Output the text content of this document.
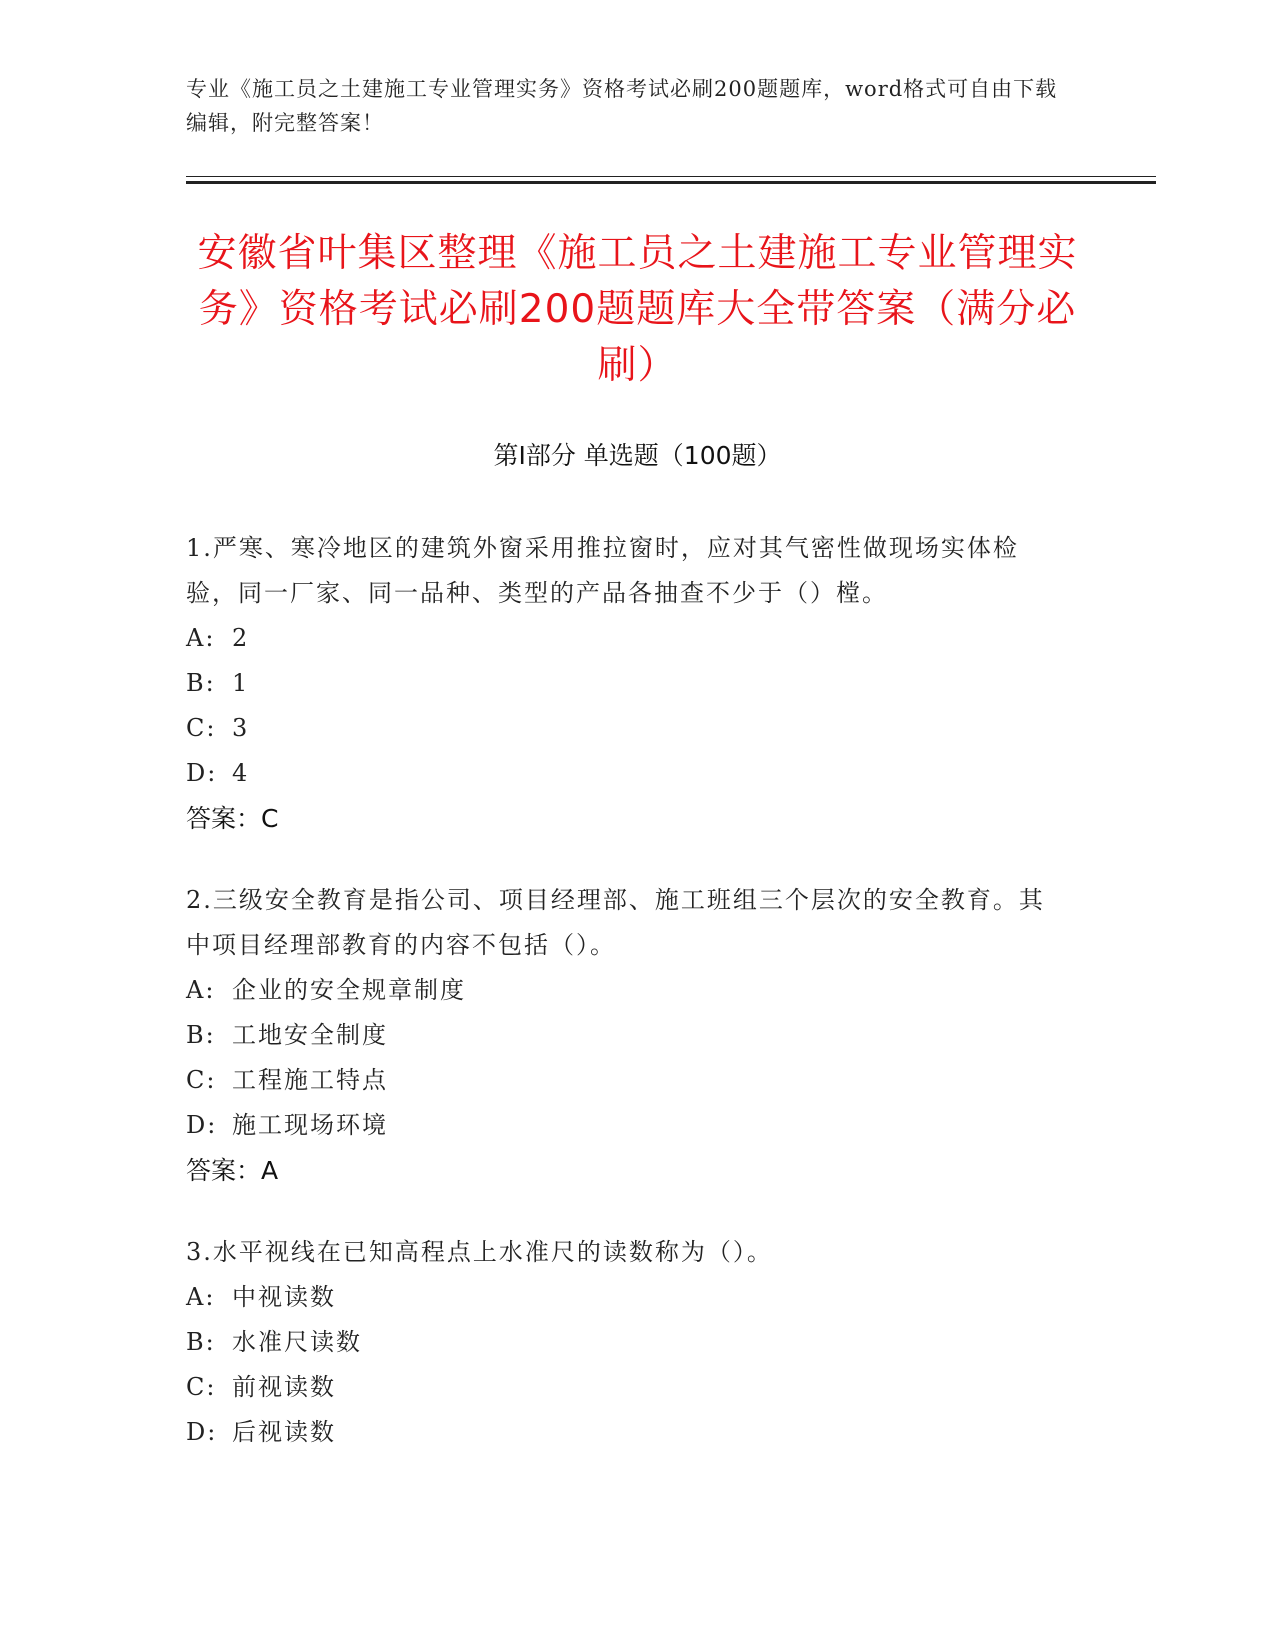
专业《施工员之土建施工专业管理实务》资格考试必刷200题题库，word格式可自由下载编辑，附完整答案！
安徽省叶集区整理《施工员之土建施工专业管理实务》资格考试必刷200题题库大全带答案（满分必刷）
第I部分 单选题（100题）
1.严寒、寒冷地区的建筑外窗采用推拉窗时，应对其气密性做现场实体检验，同一厂家、同一品种、类型的产品各抽查不少于（）樘。
A: 2
B: 1
C: 3
D: 4
答案：C
2.三级安全教育是指公司、项目经理部、施工班组三个层次的安全教育。其中项目经理部教育的内容不包括（）。
A: 企业的安全规章制度
B: 工地安全制度
C: 工程施工特点
D: 施工现场环境
答案：A
3.水平视线在已知高程点上水准尺的读数称为（）。
A: 中视读数
B: 水准尺读数
C: 前视读数
D: 后视读数
